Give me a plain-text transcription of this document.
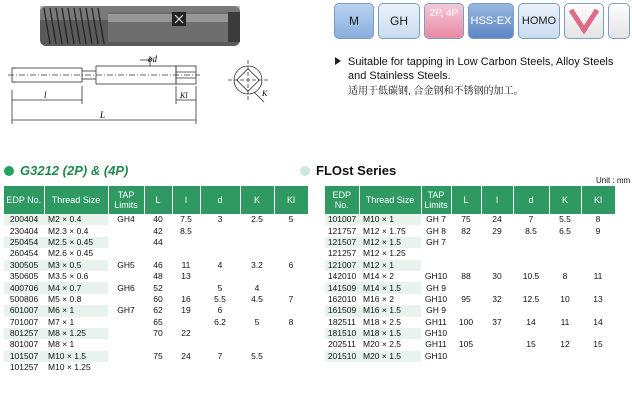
ød
l	Kl
L
K
M	GH
2P, 4P
HSS-EX HOMO
Suitable for tapping in Low Carbon Steels, Alloy Steels and Stainless Steels.
适用于低碳钢, 合金钢和不锈钢的加工。
G3212 (2P) & (4P)	FLOst Series
Unit : mm
EDP No.	Thread Size	TAP Limits	L	l	d	K	Kl
200404	M2 × 0.4	GH4	40	7.5	3	2.5	5
230404	M2.3 × 0.4		42	8.5			
250454	M2.5 × 0.45		44				
260454	M2.6 × 0.45						
300505	M3 × 0.5	GH5	46	11	4	3.2	6
350605	M3.5 × 0.6		48	13			
400706	M4 × 0.7	GH6	52		5	4	
500806	M5 × 0.8		60	16	5.5	4.5	7
601007	M6 × 1	GH7	62	19	6		
701007	M7 × 1		65		6.2	5	8
801257	M8 × 1.25		70	22			
801007	M8 × 1						
101507	M10 × 1.5		75	24	7	5.5	
101257	M10 × 1.25						
EDP No.	Thread Size	TAP Limits	L	l	d	K	Kl
101007	M10 × 1	GH 7	75	24	7	5.5	8
121757	M12 × 1.75	GH 8	82	29	8.5	6.5	9
121507	M12 × 1.5	GH 7					
121257	M12 × 1.25						
121007	M12 × 1						
142010	M14 × 2	GH10	88	30	10.5	8	11
141509	M14 × 1.5	GH 9					
162010	M16 × 2	GH10	95	32	12.5	10	13
161509	M16 × 1.5	GH 9					
182511	M18 × 2.5	GH11	100	37	14	11	14
181510	M18 × 1.5	GH10					
202511	M20 × 2.5	GH11	105		15	12	15
201510	M20 × 1.5	GH10					
